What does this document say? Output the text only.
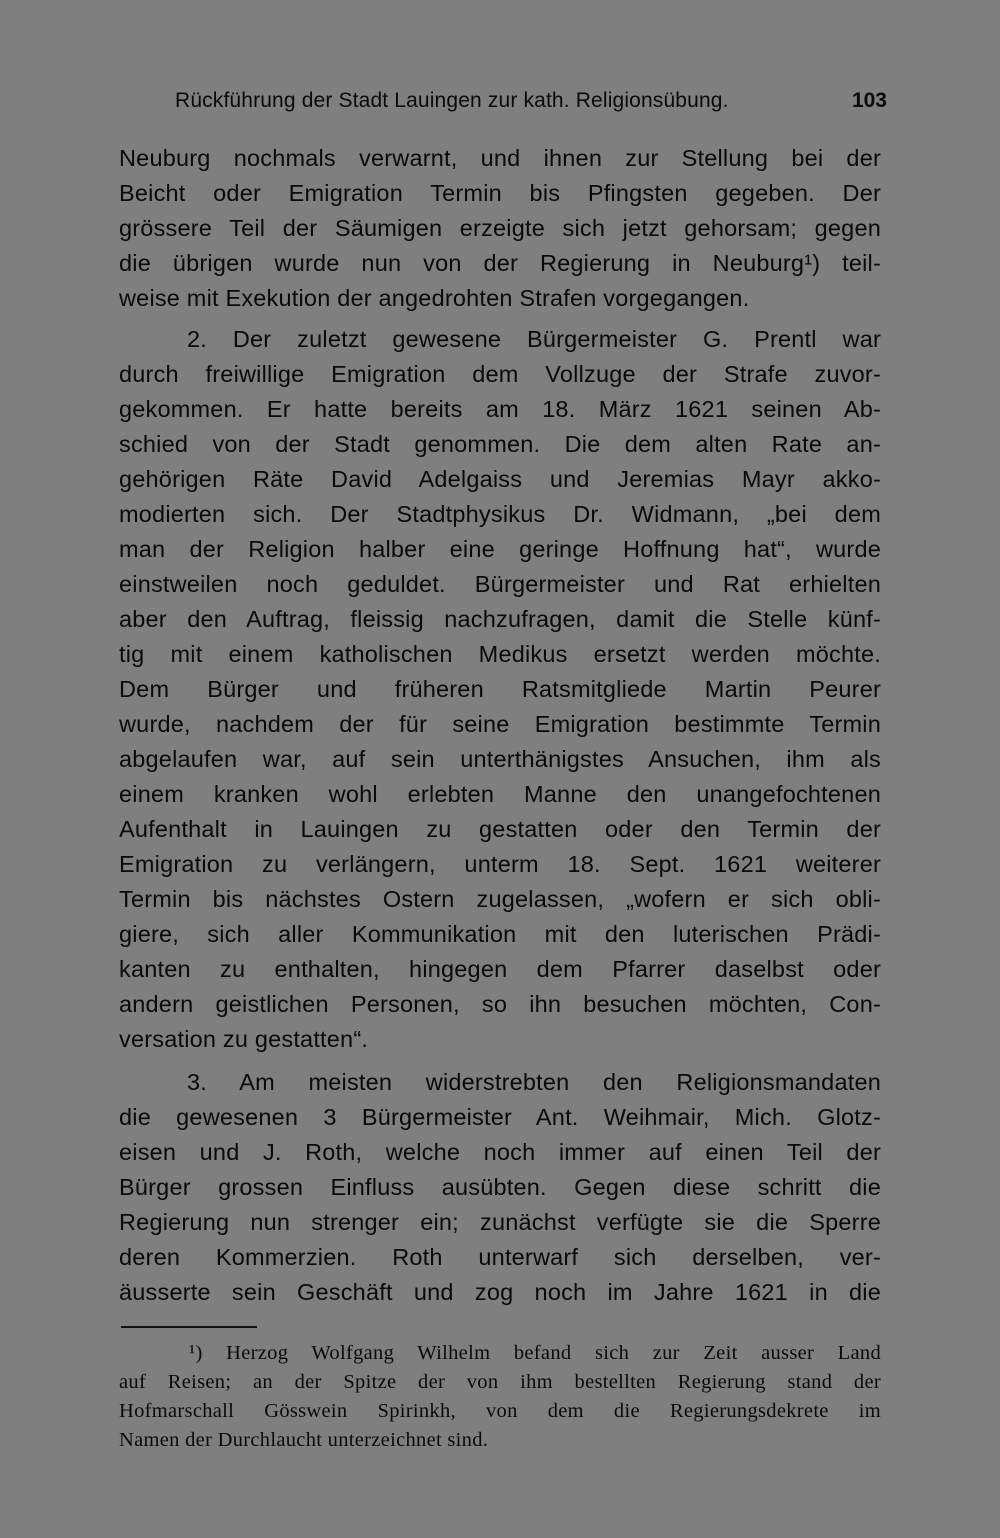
Rückführung der Stadt Lauingen zur kath. Religionsübung.	103
Neuburg nochmals verwarnt, und ihnen zur Stellung bei der
Beicht oder Emigration Termin bis Pfingsten gegeben. Der
grössere Teil der Säumigen erzeigte sich jetzt gehorsam; gegen
die übrigen wurde nun von der Regierung in Neuburg¹) teil-
weise mit Exekution der angedrohten Strafen vorgegangen.
2. Der zuletzt gewesene Bürgermeister G. Prentl war
durch freiwillige Emigration dem Vollzuge der Strafe zuvor-
gekommen. Er hatte bereits am 18. März 1621 seinen Ab-
schied von der Stadt genommen. Die dem alten Rate an-
gehörigen Räte David Adelgaiss und Jeremias Mayr akko-
modierten sich. Der Stadtphysikus Dr. Widmann, „bei dem
man der Religion halber eine geringe Hoffnung hat“, wurde
einstweilen noch geduldet. Bürgermeister und Rat erhielten
aber den Auftrag, fleissig nachzufragen, damit die Stelle künf-
tig mit einem katholischen Medikus ersetzt werden möchte.
Dem Bürger und früheren Ratsmitgliede Martin Peurer
wurde, nachdem der für seine Emigration bestimmte Termin
abgelaufen war, auf sein unterthänigstes Ansuchen, ihm als
einem kranken wohl erlebten Manne den unangefochtenen
Aufenthalt in Lauingen zu gestatten oder den Termin der
Emigration zu verlängern, unterm 18. Sept. 1621 weiterer
Termin bis nächstes Ostern zugelassen, „wofern er sich obli-
giere, sich aller Kommunikation mit den luterischen Prädi-
kanten zu enthalten, hingegen dem Pfarrer daselbst oder
andern geistlichen Personen, so ihn besuchen möchten, Con-
versation zu gestatten“.
3. Am meisten widerstrebten den Religionsmandaten
die gewesenen 3 Bürgermeister Ant. Weihmair, Mich. Glotz-
eisen und J. Roth, welche noch immer auf einen Teil der
Bürger grossen Einfluss ausübten. Gegen diese schritt die
Regierung nun strenger ein; zunächst verfügte sie die Sperre
deren Kommerzien. Roth unterwarf sich derselben, ver-
äusserte sein Geschäft und zog noch im Jahre 1621 in die
¹) Herzog Wolfgang Wilhelm befand sich zur Zeit ausser Land
auf Reisen; an der Spitze der von ihm bestellten Regierung stand der
Hofmarschall Gösswein Spirinkh, von dem die Regierungsdekrete im
Namen der Durchlaucht unterzeichnet sind.
